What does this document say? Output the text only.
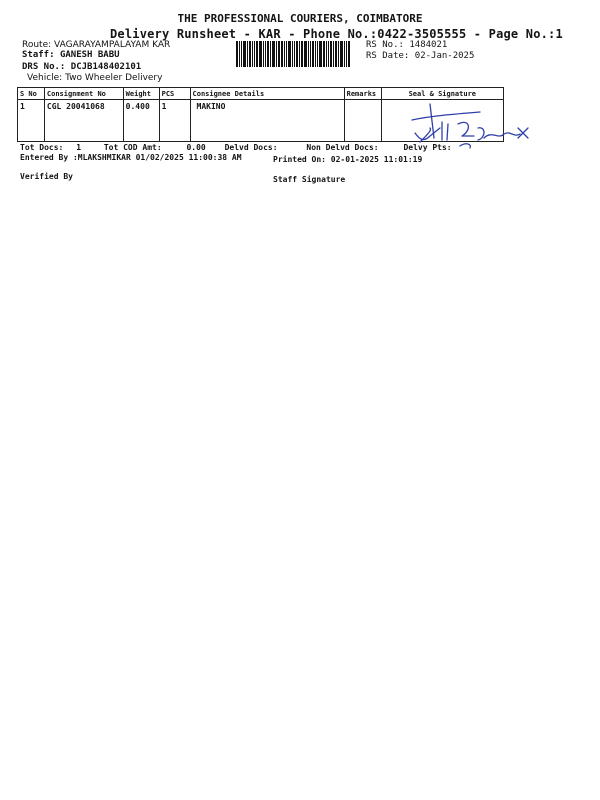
THE PROFESSIONAL COURIERS, COIMBATORE
Delivery Runsheet - KAR - Phone No.:0422-3505555 - Page No.:1
Route: VAGARAYAMPALAYAM KAR
Staff: GANESH BABU
DRS No.: DCJB148402101
Vehicle: Two Wheeler Delivery
RS No.: 1484021
RS Date: 02-Jan-2025
S No	Consignment No	Weight	PCS	Consignee Details	Remarks	Seal & Signature
1	CGL 20041068	0.400	1	MAKINO		
Tot Docs: 1	Tot COD Amt:	0.00 Delvd Docs:	Non Delvd Docs:	Delvy Pts:
Entered By :MLAKSHMIKAR 01/02/2025 11:00:38 AM	Printed On: 02-01-2025 11:01:19
Verified By	Staff Signature
